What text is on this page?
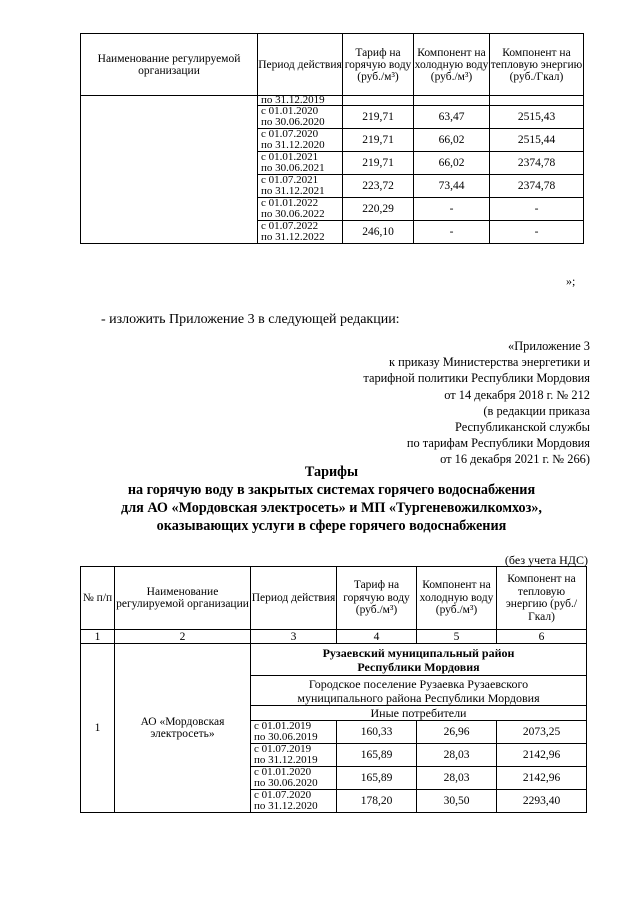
Наименование регулируемой организации	Период действия	Тариф на горячую воду (руб./м³)	Компонент на холодную воду (руб./м³)	Компонент на тепловую энергию (руб./Гкал)
	по 31.12.2019			
	с 01.01.2020
по 30.06.2020	219,71	63,47	2515,43
	с 01.07.2020
по 31.12.2020	219,71	66,02	2515,44
	с 01.01.2021
по 30.06.2021	219,71	66,02	2374,78
	с 01.07.2021
по 31.12.2021	223,72	73,44	2374,78
	с 01.01.2022
по 30.06.2022	220,29	-	-
	с 01.07.2022
по 31.12.2022	246,10	-	-
»;
- изложить Приложение 3 в следующей редакции:
«Приложение 3
к приказу Министерства энергетики и
тарифной политики Республики Мордовия
от 14 декабря 2018 г. № 212
(в редакции приказа
Республиканской службы
по тарифам Республики Мордовия
от 16 декабря 2021 г. № 266)
Тарифы
на горячую воду в закрытых системах горячего водоснабжения
для АО «Мордовская электросеть» и МП «Тургеневожилкомхоз»,
оказывающих услуги в сфере горячего водоснабжения
(без учета НДС)
№ п/п	Наименование регулируемой организации	Период действия	Тариф на горячую воду (руб./м³)	Компонент на холодную воду (руб./м³)	Компонент на тепловую энергию (руб./Гкал)
1	2	3	4	5	6
1	АО «Мордовская электросеть»	Рузаевский муниципальный район
Республики Мордовия			
		Городское поселение Рузаевка Рузаевского
муниципального района Республики Мордовия			
		Иные потребители			
		с 01.01.2019
по 30.06.2019	160,33	26,96	2073,25
		с 01.07.2019
по 31.12.2019	165,89	28,03	2142,96
		с 01.01.2020
по 30.06.2020	165,89	28,03	2142,96
		с 01.07.2020
по 31.12.2020	178,20	30,50	2293,40
